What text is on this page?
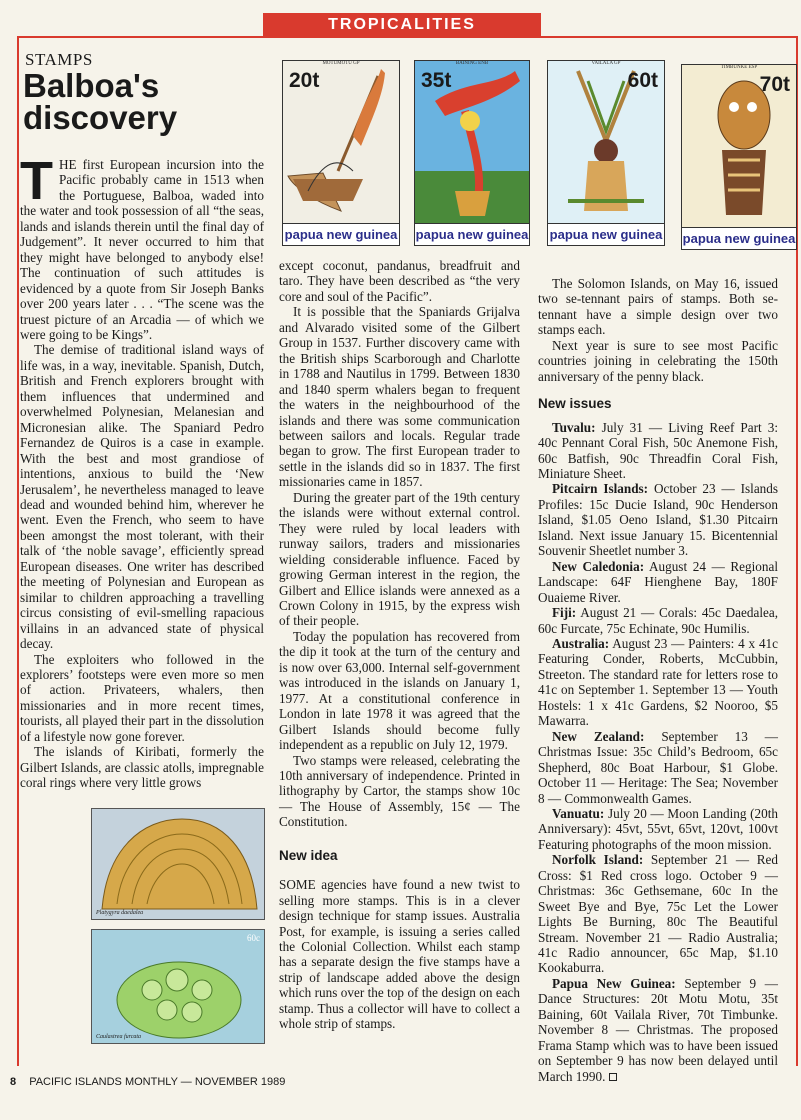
TROPICALITIES
STAMPS
Balboa's discovery
MOTUMOTU GP
20t
papua new guinea
BAINING ENB
35t
papua new guinea
VAILALA GP
60t
papua new guinea
TIMBUNKE ESP
70t
papua new guinea

THE first European incursion into the Pacific probably came in 1513 when the Portuguese, Balboa, waded into the water and took possession of all “the seas, lands and islands therein until the final day of Judgement”. It never occurred to him that they might have belonged to anybody else! The continuation of such attitudes is evidenced by a quote from Sir Joseph Banks over 200 years later . . . “The scene was the truest picture of an Arcadia — of which we were going to be Kings”.

The demise of traditional island ways of life was, in a way, inevitable. Spanish, Dutch, British and French explorers brought with them influences that undermined and overwhelmed Polynesian, Melanesian and Micronesian alike. The Spaniard Pedro Fernandez de Quiros is a case in example. With the best and most grandiose of intentions, anxious to build the ‘New Jerusalem’, he nevertheless managed to leave dead and wounded behind him, wherever he went. Even the French, who seem to have been amongst the most tolerant, with their talk of ‘the noble savage’, efficiently spread European diseases. One writer has described the meeting of Polynesian and European as similar to children approaching a travelling circus consisting of evil-smelling rapacious villains in an advanced state of physical decay.

The exploiters who followed in the explorers’ footsteps were even more so men of action. Privateers, whalers, then missionaries and in more recent times, tourists, all played their part in the dissolution of a lifestyle now gone forever.

The islands of Kiribati, formerly the Gilbert Islands, are classic atolls, impregnable coral rings where very little grows

Platygyra daedalea
60c
Caulastrea furcata

except coconut, pandanus, breadfruit and taro. They have been described as “the very core and soul of the Pacific”.

It is possible that the Spaniards Grijalva and Alvarado visited some of the Gilbert Group in 1537. Further discovery came with the British ships Scarborough and Charlotte in 1788 and Nautilus in 1799. Between 1830 and 1840 sperm whalers began to frequent the waters in the neighbourhood of the islands and there was some communication between sailors and locals. Regular trade began to grow. The first European trader to settle in the islands did so in 1837. The first missionaries came in 1857.

During the greater part of the 19th century the islands were without external control. They were ruled by local leaders with runway sailors, traders and missionaries wielding considerable influence. Faced by growing German interest in the region, the Gilbert and Ellice islands were annexed as a Crown Colony in 1915, by the express wish of their people.

Today the population has recovered from the dip it took at the turn of the century and is now over 63,000. Internal self-government was introduced in the islands on January 1, 1977. At a constitutional conference in London in late 1978 it was agreed that the Gilbert Islands should become fully independent as a republic on July 12, 1979.

Two stamps were released, celebrating the 10th anniversary of independence. Printed in lithography by Cartor, the stamps show 10c — The House of Assembly, 15¢ — The Constitution.

New idea

SOME agencies have found a new twist to selling more stamps. This is in a clever design technique for stamp issues. Australia Post, for example, is issuing a series called the Colonial Collection. Whilst each stamp has a separate design the five stamps have a strip of landscape added above the design which runs over the top of the design on each stamp. Thus a collector will have to collect a whole strip of stamps.

The Solomon Islands, on May 16, issued two se-tennant pairs of stamps. Both se-tennant have a simple design over two stamps each.

Next year is sure to see most Pacific countries joining in celebrating the 150th anniversary of the penny black.

New issues

Tuvalu: July 31 — Living Reef Part 3: 40c Pennant Coral Fish, 50c Anemone Fish, 60c Batfish, 90c Threadfin Coral Fish, Miniature Sheet.

Pitcairn Islands: October 23 — Islands Profiles: 15c Ducie Island, 90c Henderson Island, $1.05 Oeno Island, $1.30 Pitcairn Island. Next issue January 15. Bicentennial Souvenir Sheetlet number 3.

New Caledonia: August 24 — Regional Landscape: 64F Hienghene Bay, 180F Ouaieme River.

Fiji: August 21 — Corals: 45c Daedalea, 60c Furcate, 75c Echinate, 90c Humilis.

Australia: August 23 — Painters: 4 x 41c Featuring Conder, Roberts, McCubbin, Streeton. The standard rate for letters rose to 41c on September 1. September 13 — Youth Hostels: 1 x 41c Gardens, $2 Nooroo, $5 Mawarra.

New Zealand: September 13 — Christmas Issue: 35c Child’s Bedroom, 65c Shepherd, 80c Boat Harbour, $1 Globe. October 11 — Heritage: The Sea; November 8 — Commonwealth Games.

Vanuatu: July 20 — Moon Landing (20th Anniversary): 45vt, 55vt, 65vt, 120vt, 100vt Featuring photographs of the moon mission.

Norfolk Island: September 21 — Red Cross: $1 Red cross logo. October 9 — Christmas: 36c Gethsemane, 60c In the Sweet Bye and Bye, 75c Let the Lower Lights Be Burning, 80c The Beautiful Stream. November 21 — Radio Australia; 41c Radio announcer, 65c Map, $1.10 Kookaburra.

Papua New Guinea: September 9 — Dance Structures: 20t Motu Motu, 35t Baining, 60t Vailala River, 70t Timbunke. November 8 — Christmas. The proposed Frama Stamp which was to have been issued on September 9 has now been delayed until March 1990.

8 PACIFIC ISLANDS MONTHLY — NOVEMBER 1989
